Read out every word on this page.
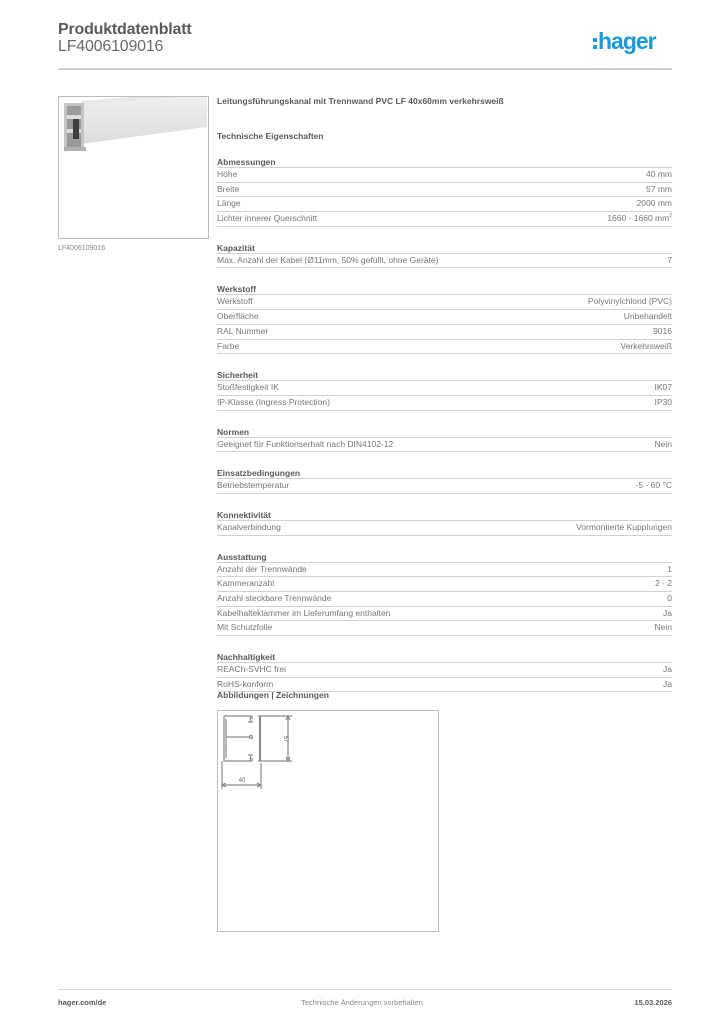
Produktdatenblatt
LF4006109016	hager
LF4006109016
Leitungsführungskanal mit Trennwand PVC LF 40x60mm verkehrsweiß
Technische Eigenschaften
Abmessungen
Höhe	40 mm
Breite	57 mm
Länge	2000 mm
Lichter innerer Querschnitt	1660 - 1660 $mm^2$
Kapazität
Max. Anzahl der Kabel (Ø11mm, 50% gefüllt, ohne Geräte)	7
Werkstoff
Werkstoff	Polyvinylchlorid (PVC)
Oberfläche	Unbehandelt
RAL Nummer	9016
Farbe	Verkehrsweiß
Sicherheit
Stoßfestigkeit IK	IK07
IP-Klasse (Ingress Protection)	IP30
Normen
Geeignet für Funktionserhalt nach DIN4102-12	Nein
Einsatzbedingungen
Betriebstemperatur	-5 - 60 °C
Konnektivität
Kanalverbindung	Vormontierte Kupplungen
Ausstattung
Anzahl der Trennwände	1
Kammeranzahl	2 - 2
Anzahl steckbare Trennwände	0
Kabelhalteklammer im Lieferumfang enthalten	Ja
Mit Schutzfolie	Nein
Nachhaltigkeit
REACh-SVHC frei	Ja
RoHS-konform	Ja
Abbildungen | Zeichnungen
40
57
hager.com/de	Technische Änderungen vorbehalten	15.03.2026
